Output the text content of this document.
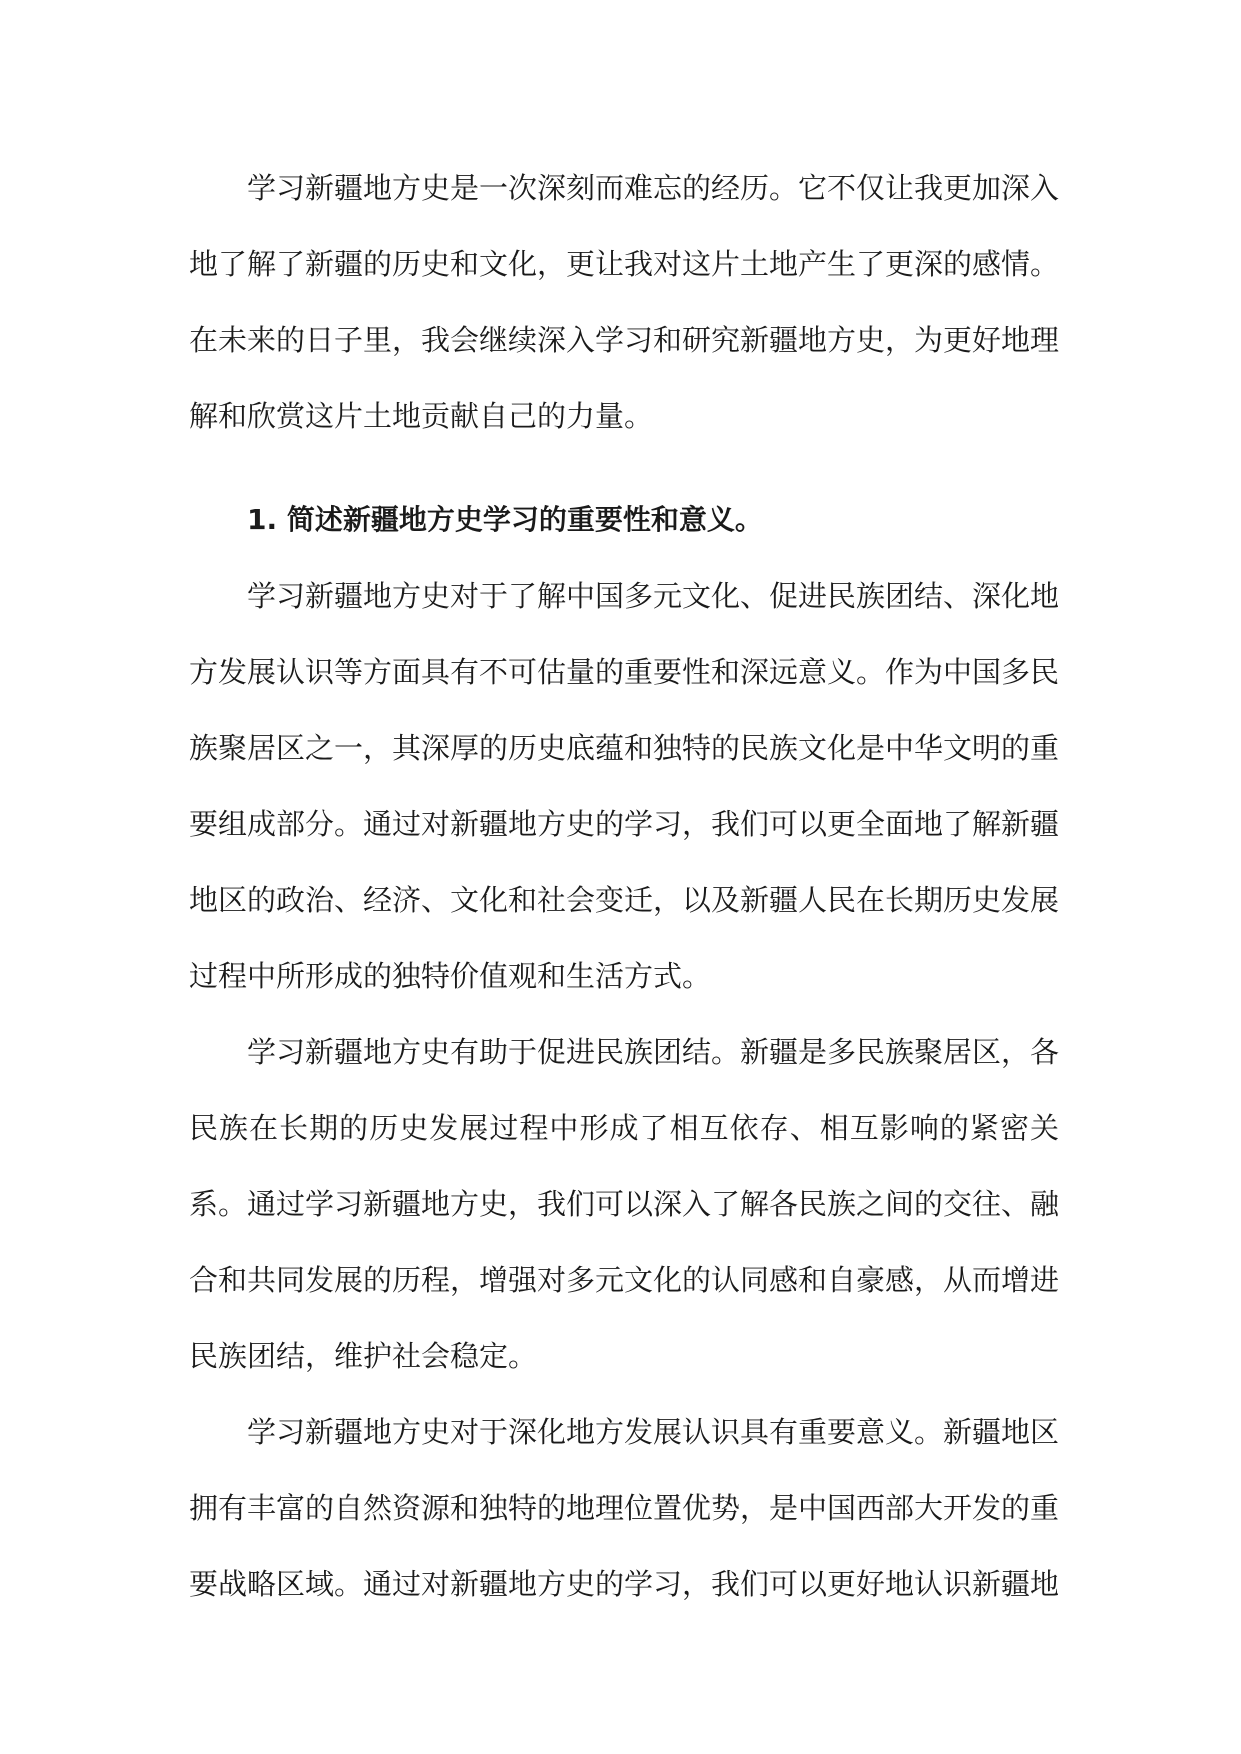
学习新疆地方史是一次深刻而难忘的经历。它不仅让我更加深入地了解了新疆的历史和文化，更让我对这片土地产生了更深的感情。在未来的日子里，我会继续深入学习和研究新疆地方史，为更好地理解和欣赏这片土地贡献自己的力量。

1. 简述新疆地方史学习的重要性和意义。

学习新疆地方史对于了解中国多元文化、促进民族团结、深化地方发展认识等方面具有不可估量的重要性和深远意义。作为中国多民族聚居区之一，其深厚的历史底蕴和独特的民族文化是中华文明的重要组成部分。通过对新疆地方史的学习，我们可以更全面地了解新疆地区的政治、经济、文化和社会变迁，以及新疆人民在长期历史发展过程中所形成的独特价值观和生活方式。

学习新疆地方史有助于促进民族团结。新疆是多民族聚居区，各民族在长期的历史发展过程中形成了相互依存、相互影响的紧密关系。通过学习新疆地方史，我们可以深入了解各民族之间的交往、融合和共同发展的历程，增强对多元文化的认同感和自豪感，从而增进民族团结，维护社会稳定。

学习新疆地方史对于深化地方发展认识具有重要意义。新疆地区拥有丰富的自然资源和独特的地理位置优势，是中国西部大开发的重要战略区域。通过对新疆地方史的学习，我们可以更好地认识新疆地
